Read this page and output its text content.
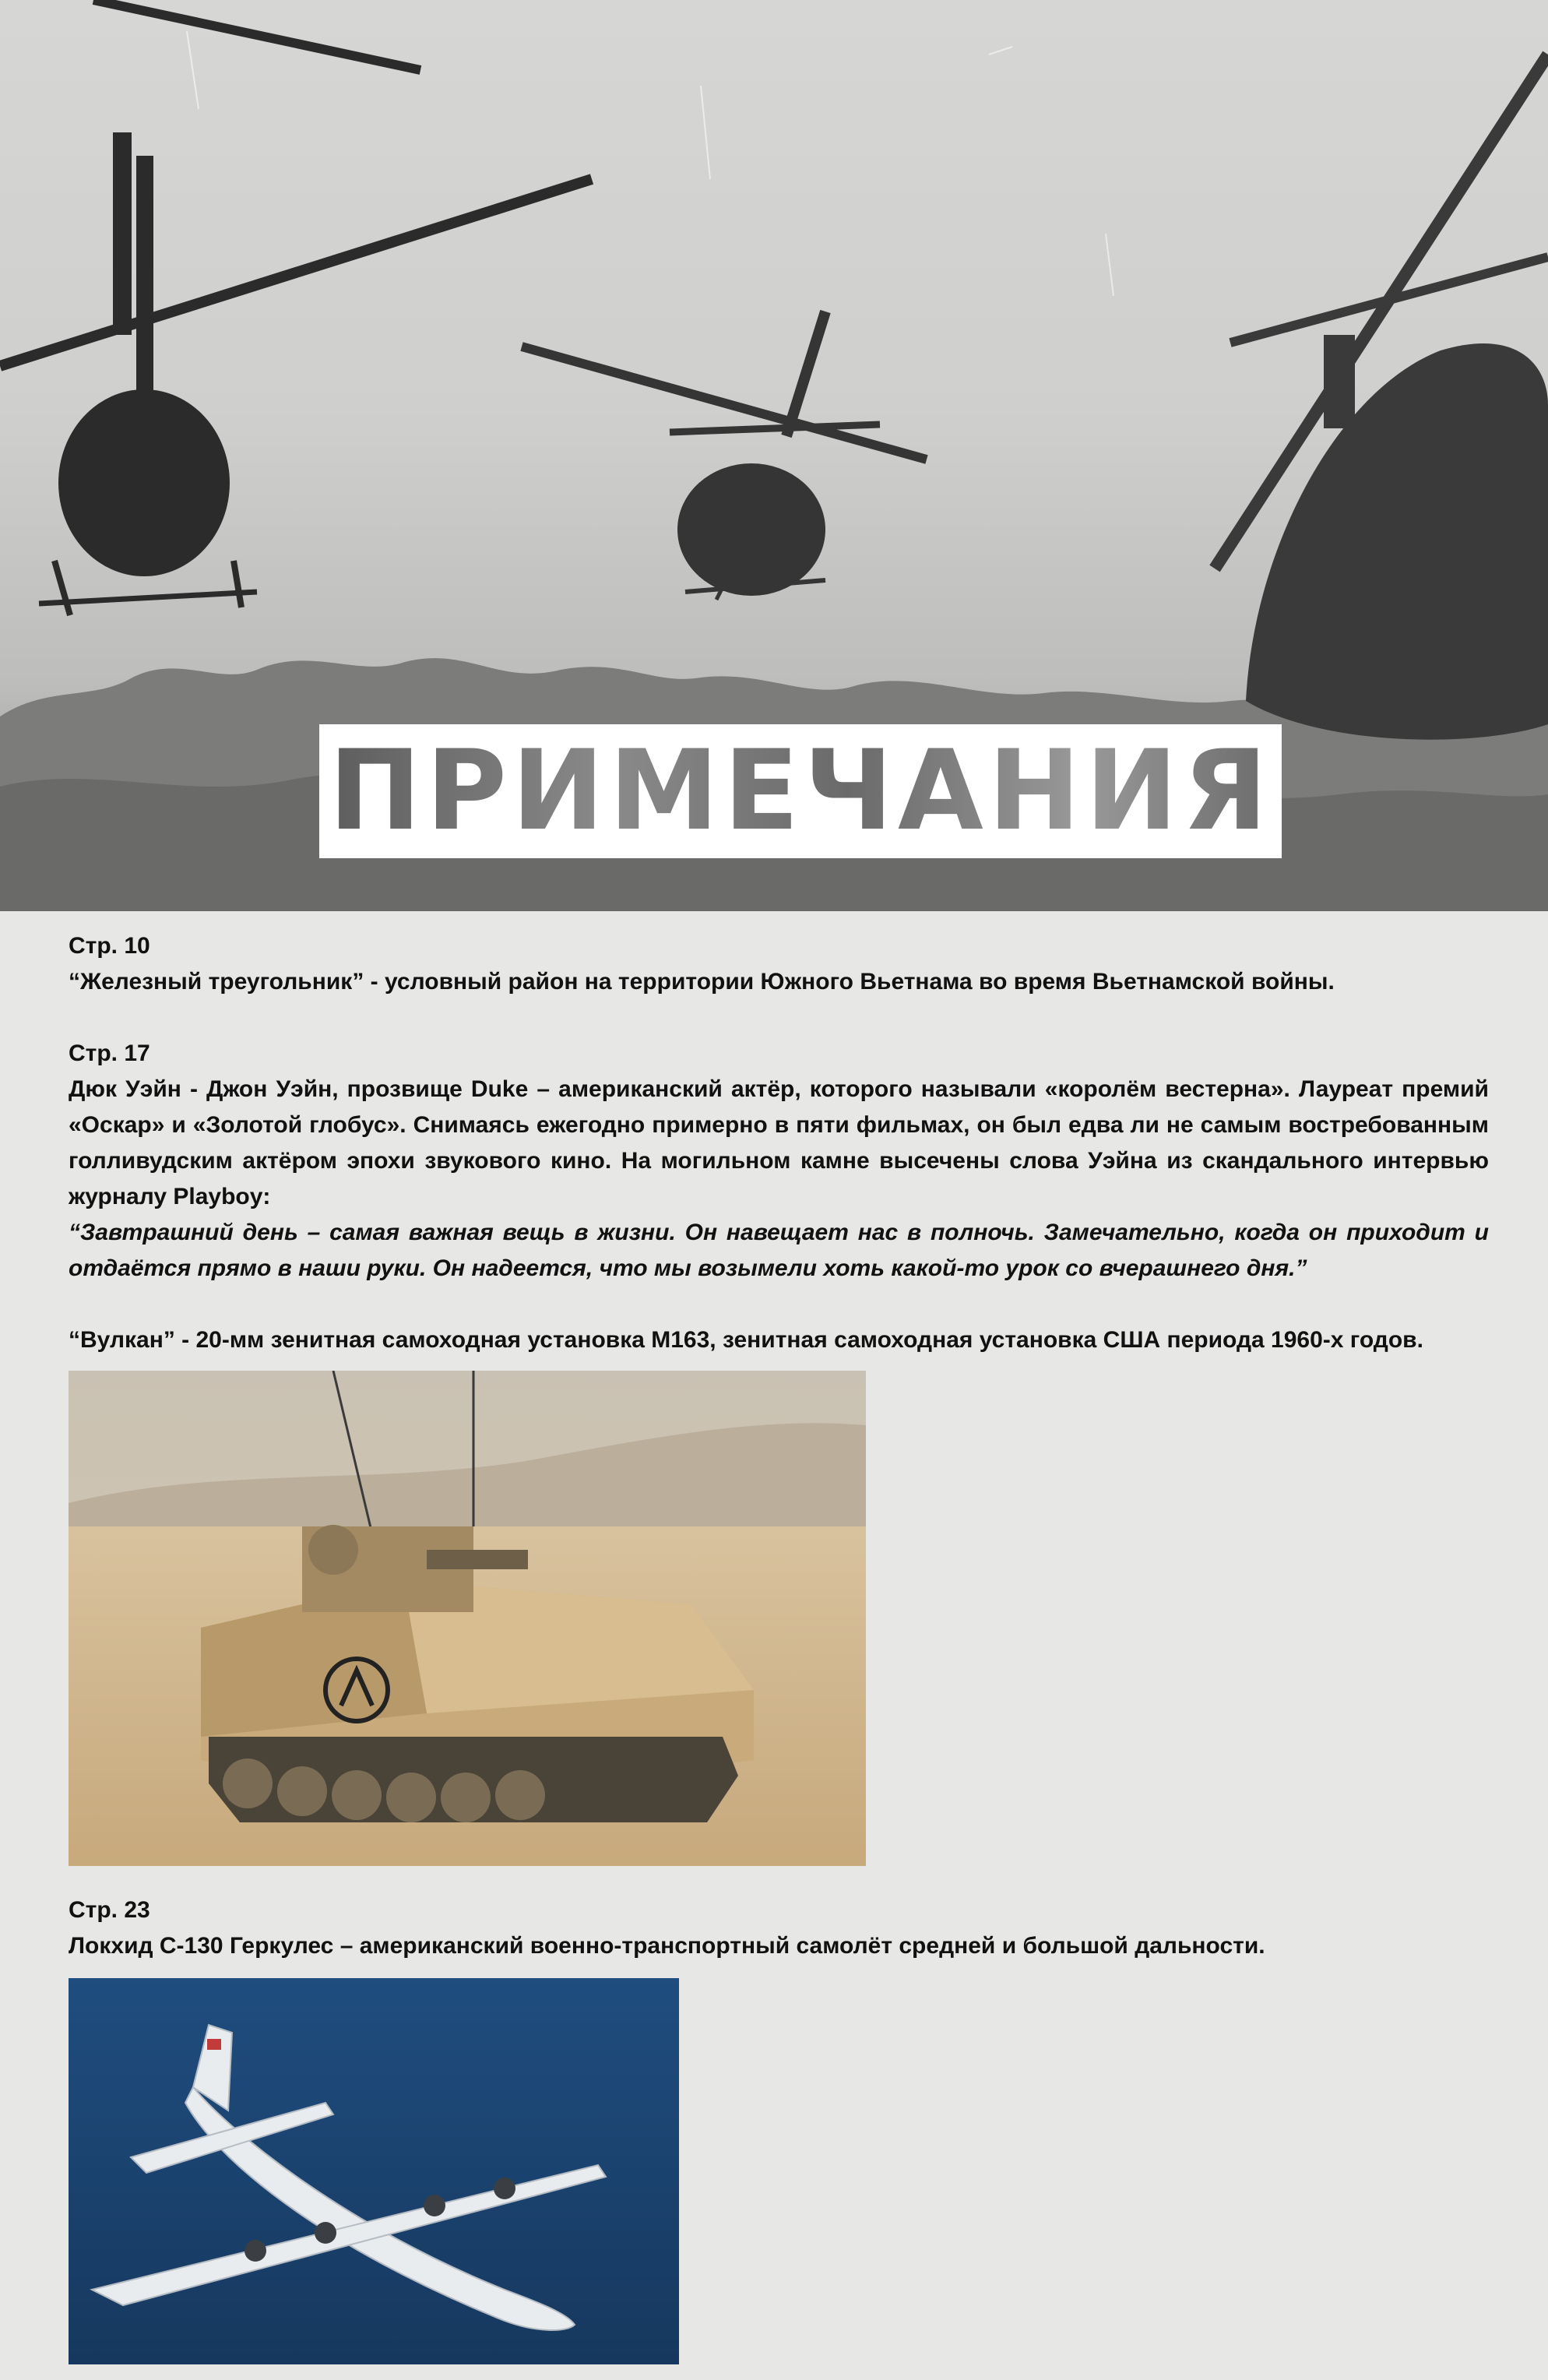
ПРИМЕЧАНИЯ

Стр. 10

“Железный треугольник” - условный район на территории Южного Вьетнама во время Вьетнамской войны.

Стр. 17

Дюк Уэйн - Джон Уэйн, прозвище Duke – американский актёр, которого называли «королём вестерна». Лауреат премий «Оскар» и «Золотой глобус». Снимаясь ежегодно примерно в пяти фильмах, он был едва ли не самым востребованным голливудским актёром эпохи звукового кино. На могильном камне высечены слова Уэйна из скандального интервью журналу Playboy:

“Завтрашний день – самая важная вещь в жизни. Он навещает нас в полночь. Замечательно, когда он приходит и отдаётся прямо в наши руки. Он надеется, что мы возымели хоть какой-то урок со вчерашнего дня.”

“Вулкан” - 20-мм зенитная самоходная установка М163, зенитная самоходная установка США периода 1960-х годов.

Стр. 23

Локхид С-130 Геркулес – американский военно-транспортный самолёт средней и большой дальности.
